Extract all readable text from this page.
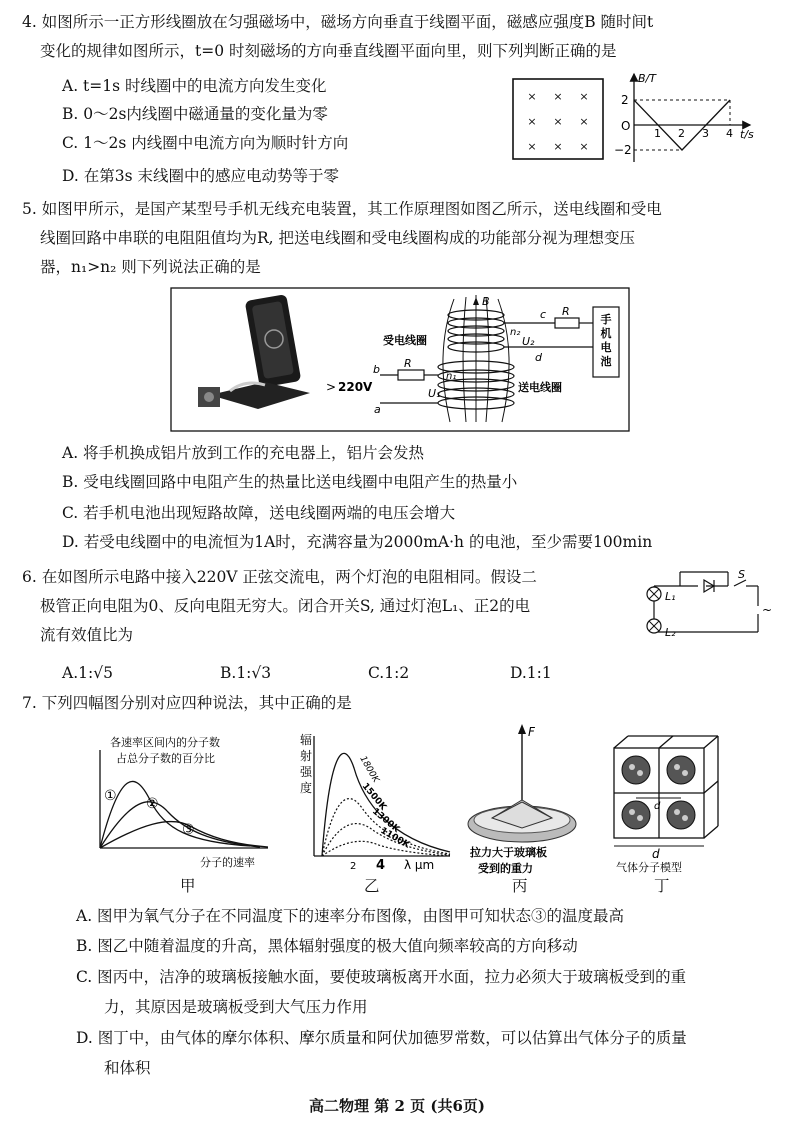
4. 如图所示一正方形线圈放在匀强磁场中，磁场方向垂直于线圈平面，磁感应强度B 随时间t
变化的规律如图所示，t=0 时刻磁场的方向垂直线圈平面向里，则下列判断正确的是
A. t=1s 时线圈中的电流方向发生变化
B. 0～2s内线圈中磁通量的变化量为零
C. 1～2s 内线圈中电流方向为顺时针方向
D. 在第3s 末线圈中的感应电动势等于零
× × ×
× × ×
× × ×
B/T
t/s
O
2
−2
1 2 3 4
5. 如图甲所示，是国产某型号手机无线充电装置，其工作原理图如图乙所示，送电线圈和受电
线圈回路中串联的电阻阻值均为R, 把送电线圈和受电线圈构成的功能部分视为理想变压
器，n₁>n₂ 则下列说法正确的是
B
c R
n₂
U₂
d
手
机
电
池
受电线圈
送电线圈
b
a
R
n₁
U₁
220V
>
A. 将手机换成铝片放到工作的充电器上，铝片会发热
B. 受电线圈回路中电阻产生的热量比送电线圈中电阻产生的热量小
C. 若手机电池出现短路故障，送电线圈两端的电压会增大
D. 若受电线圈中的电流恒为1A时，充满容量为2000mA·h 的电池，至少需要100min
6. 在如图所示电路中接入220V 正弦交流电，两个灯泡的电阻相同。假设二
极管正向电阻为0、反向电阻无穷大。闭合开关S, 通过灯泡L₁、正2的电
流有效值比为
A.1:√5	B.1:√3	C.1:2	D.1:1
L₁
L₂
S
~
7. 下列四幅图分别对应四种说法，其中正确的是
各速率区间内的分子数
占总分子数的百分比
① ②
③
分子的速率
甲
辐
射
强
度
1800K
1500K
1300K
1100K
2 4 λ μm
乙
F
拉力大于玻璃板
受到的重力
丙
d
d
气体分子模型
丁
A. 图甲为氧气分子在不同温度下的速率分布图像，由图甲可知状态③的温度最高
B. 图乙中随着温度的升高，黑体辐射强度的极大值向频率较高的方向移动
C. 图丙中，洁净的玻璃板接触水面，要使玻璃板离开水面，拉力必须大于玻璃板受到的重
力，其原因是玻璃板受到大气压力作用
D. 图丁中，由气体的摩尔体积、摩尔质量和阿伏加德罗常数，可以估算出气体分子的质量
和体积
高二物理 第 2 页 (共6页)
